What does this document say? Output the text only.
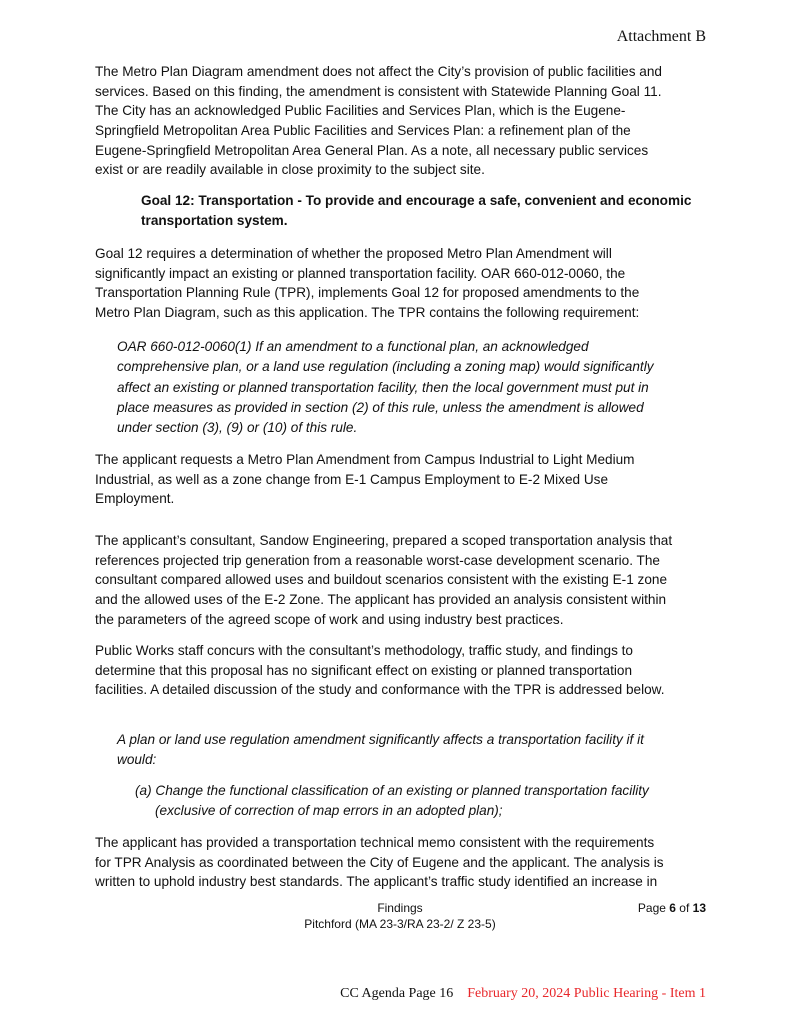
Attachment B
The Metro Plan Diagram amendment does not affect the City’s provision of public facilities and
services. Based on this finding, the amendment is consistent with Statewide Planning Goal 11.
The City has an acknowledged Public Facilities and Services Plan, which is the Eugene-
Springfield Metropolitan Area Public Facilities and Services Plan: a refinement plan of the
Eugene-Springfield Metropolitan Area General Plan. As a note, all necessary public services
exist or are readily available in close proximity to the subject site.
Goal 12: Transportation - To provide and encourage a safe, convenient and economic
transportation system.
Goal 12 requires a determination of whether the proposed Metro Plan Amendment will
significantly impact an existing or planned transportation facility. OAR 660-012-0060, the
Transportation Planning Rule (TPR), implements Goal 12 for proposed amendments to the
Metro Plan Diagram, such as this application. The TPR contains the following requirement:
OAR 660-012-0060(1) If an amendment to a functional plan, an acknowledged
comprehensive plan, or a land use regulation (including a zoning map) would significantly
affect an existing or planned transportation facility, then the local government must put in
place measures as provided in section (2) of this rule, unless the amendment is allowed
under section (3), (9) or (10) of this rule.
The applicant requests a Metro Plan Amendment from Campus Industrial to Light Medium
Industrial, as well as a zone change from E-1 Campus Employment to E-2 Mixed Use
Employment.
The applicant’s consultant, Sandow Engineering, prepared a scoped transportation analysis that
references projected trip generation from a reasonable worst-case development scenario. The
consultant compared allowed uses and buildout scenarios consistent with the existing E-1 zone
and the allowed uses of the E-2 Zone. The applicant has provided an analysis consistent within
the parameters of the agreed scope of work and using industry best practices.
Public Works staff concurs with the consultant’s methodology, traffic study, and findings to
determine that this proposal has no significant effect on existing or planned transportation
facilities. A detailed discussion of the study and conformance with the TPR is addressed below.
A plan or land use regulation amendment significantly affects a transportation facility if it
would:
(a) Change the functional classification of an existing or planned transportation facility
(exclusive of correction of map errors in an adopted plan);
The applicant has provided a transportation technical memo consistent with the requirements
for TPR Analysis as coordinated between the City of Eugene and the applicant. The analysis is
written to uphold industry best standards. The applicant’s traffic study identified an increase in
Findings
Pitchford (MA 23-3/RA 23-2/ Z 23-5)
Page 6 of 13
CC Agenda Page 16 February 20, 2024 Public Hearing - Item 1
